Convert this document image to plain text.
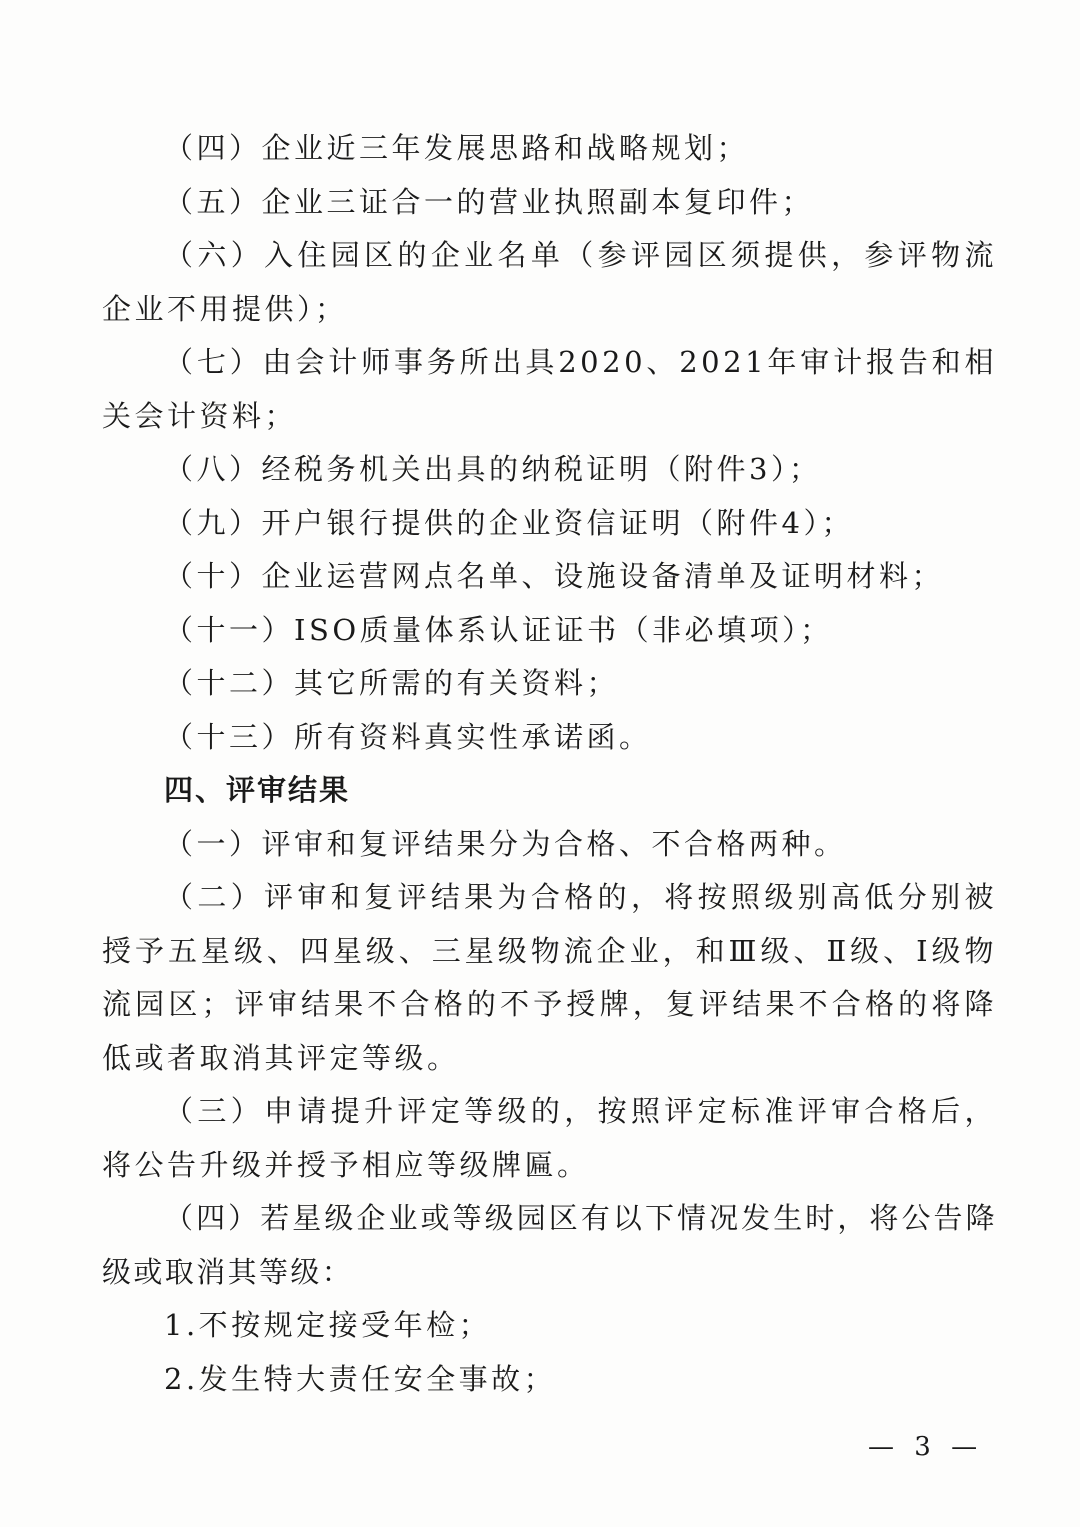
（四）企业近三年发展思路和战略规划；

（五）企业三证合一的营业执照副本复印件；

（六）入住园区的企业名单（参评园区须提供，参评物流企业不用提供）；

（七）由会计师事务所出具2020、2021年审计报告和相关会计资料；

（八）经税务机关出具的纳税证明（附件3）；

（九）开户银行提供的企业资信证明（附件4）；

（十）企业运营网点名单、设施设备清单及证明材料；

（十一）ISO质量体系认证证书（非必填项）；

（十二）其它所需的有关资料；

（十三）所有资料真实性承诺函。

四、评审结果

（一）评审和复评结果分为合格、不合格两种。

（二）评审和复评结果为合格的，将按照级别高低分别被授予五星级、四星级、三星级物流企业，和Ⅲ级、Ⅱ级、Ⅰ级物流园区；评审结果不合格的不予授牌，复评结果不合格的将降低或者取消其评定等级。

（三）申请提升评定等级的，按照评定标准评审合格后，将公告升级并授予相应等级牌匾。

（四）若星级企业或等级园区有以下情况发生时，将公告降级或取消其等级：

1.不按规定接受年检；

2.发生特大责任安全事故；

— 3 —
